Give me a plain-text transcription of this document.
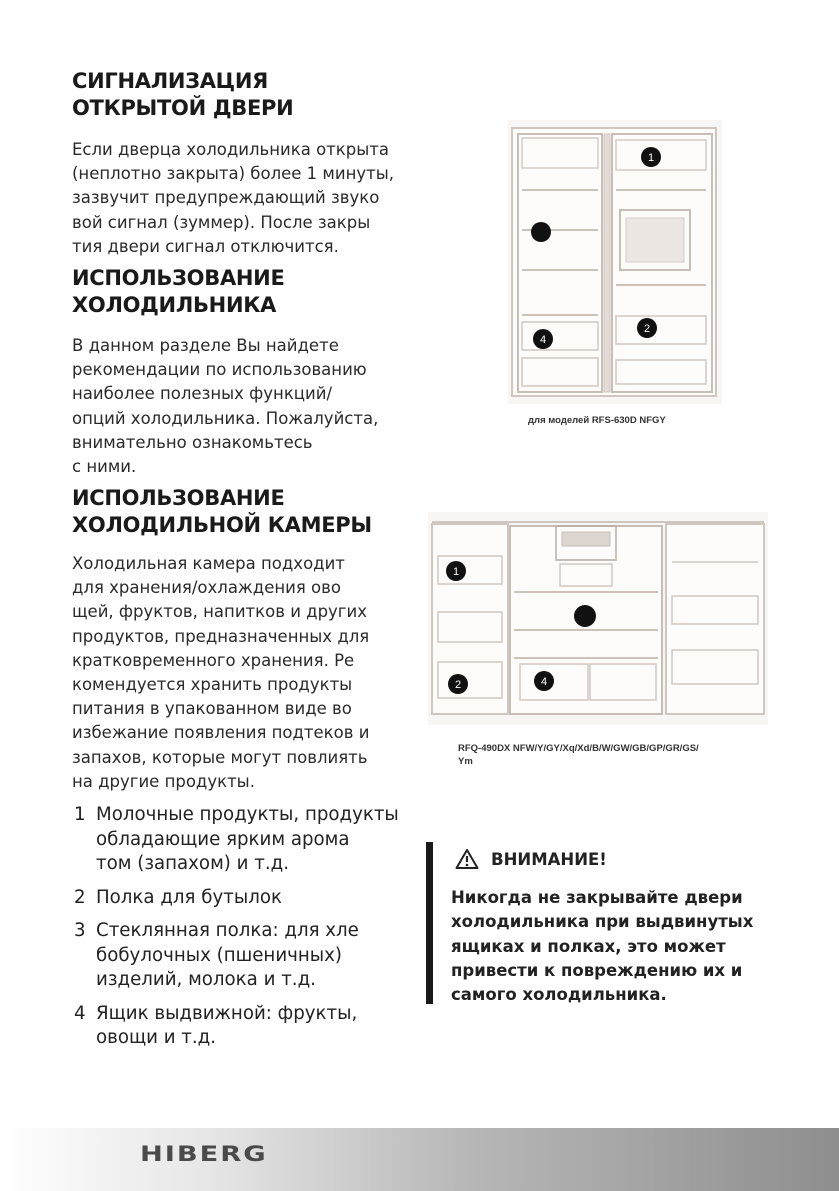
СИГНАЛИЗАЦИЯ
ОТКРЫТОЙ ДВЕРИ

Если дверца холодильника открыта
(неплотно закрыта) более 1 минуты,
зазвучит предупреждающий звуко
вой сигнал (зуммер). После закры
тия двери сигнал отключится.

ИСПОЛЬЗОВАНИЕ
ХОЛОДИЛЬНИКА

В данном разделе Вы найдете
рекомендации по использованию
наиболее полезных функций/
опций холодильника. Пожалуйста,
внимательно ознакомьтесь
с ними.

ИСПОЛЬЗОВАНИЕ
ХОЛОДИЛЬНОЙ КАМЕРЫ

Холодильная камера подходит
для хранения/охлаждения ово
щей, фруктов, напитков и других
продуктов, предназначенных для
кратковременного хранения. Ре
комендуется хранить продукты
питания в упакованном виде во
избежание появления подтеков и
запахов, которые могут повлиять
на другие продукты.

1 Молочные продукты, продукты
обладающие ярким арома
том (запахом) и т.д.
2 Полка для бутылок
3 Стеклянная полка: для хле
бобулочных (пшеничных)
изделий, молока и т.д.
4 Ящик выдвижной: фрукты,
овощи и т.д.
1
4
2
для моделей RFS-630D NFGY
1
2	4
RFQ-490DX NFW/Y/GY/Xq/Xd/B/W/GW/GB/GP/GR/GS/
Ym
ВНИМАНИЕ!
Никогда не закрывайте двери
холодильника при выдвинутых
ящиках и полках, это может
привести к повреждению их и
самого холодильника.
HIBERG
